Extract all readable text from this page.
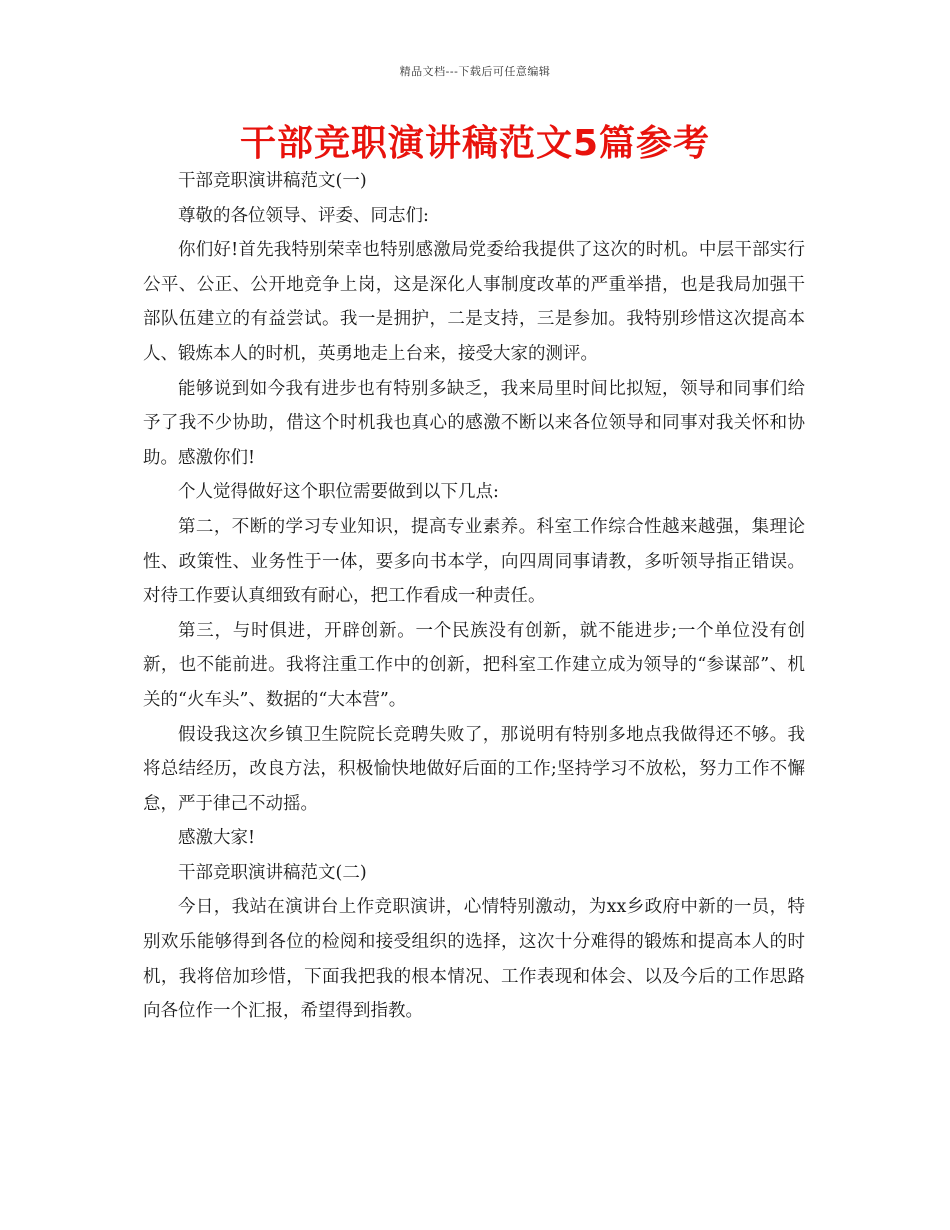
精品文档---下载后可任意编辑
干部竞职演讲稿范文5篇参考

干部竞职演讲稿范文(一)

尊敬的各位领导、评委、同志们:

你们好!首先我特别荣幸也特别感激局党委给我提供了这次的时机。中层干部实行公平、公正、公开地竞争上岗，这是深化人事制度改革的严重举措，也是我局加强干部队伍建立的有益尝试。我一是拥护，二是支持，三是参加。我特别珍惜这次提高本人、锻炼本人的时机，英勇地走上台来，接受大家的测评。

能够说到如今我有进步也有特别多缺乏，我来局里时间比拟短，领导和同事们给予了我不少协助，借这个时机我也真心的感激不断以来各位领导和同事对我关怀和协助。感激你们!

个人觉得做好这个职位需要做到以下几点:

第二，不断的学习专业知识，提高专业素养。科室工作综合性越来越强，集理论性、政策性、业务性于一体，要多向书本学，向四周同事请教，多听领导指正错误。对待工作要认真细致有耐心，把工作看成一种责任。

第三，与时俱进，开辟创新。一个民族没有创新，就不能进步;一个单位没有创新，也不能前进。我将注重工作中的创新，把科室工作建立成为领导的“参谋部”、机关的“火车头”、数据的“大本营”。

假设我这次乡镇卫生院院长竞聘失败了，那说明有特别多地点我做得还不够。我将总结经历，改良方法，积极愉快地做好后面的工作;坚持学习不放松，努力工作不懈怠，严于律己不动摇。

感激大家!

干部竞职演讲稿范文(二)

今日，我站在演讲台上作竞职演讲，心情特别激动，为xx乡政府中新的一员，特别欢乐能够得到各位的检阅和接受组织的选择，这次十分难得的锻炼和提高本人的时机，我将倍加珍惜，下面我把我的根本情况、工作表现和体会、以及今后的工作思路向各位作一个汇报，希望得到指教。
